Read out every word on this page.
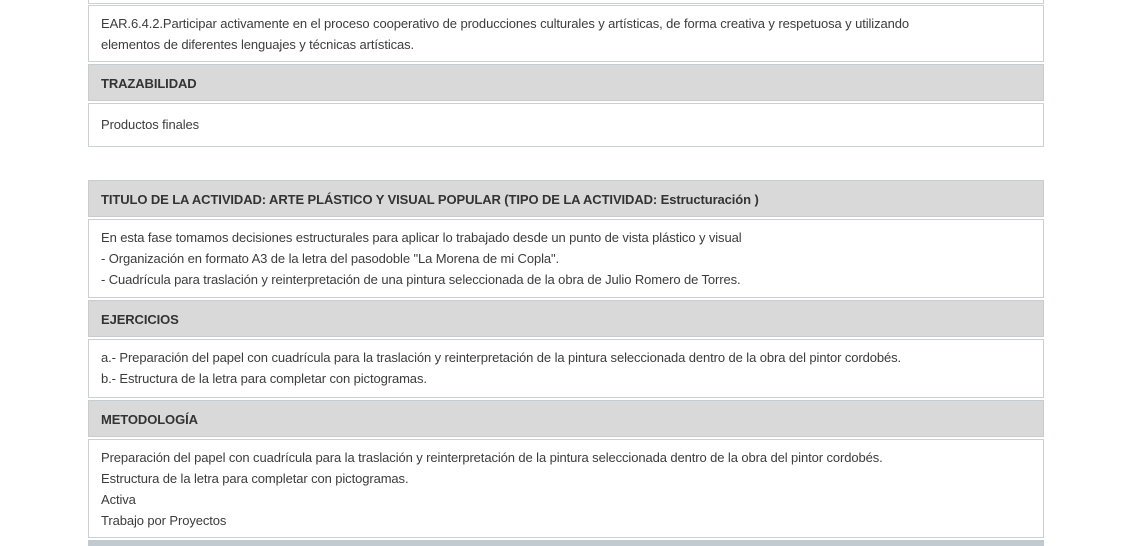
EAR.6.4.2.Participar activamente en el proceso cooperativo de producciones culturales y artísticas, de forma creativa y respetuosa y utilizando
elementos de diferentes lenguajes y técnicas artísticas.
TRAZABILIDAD
Productos finales
TITULO DE LA ACTIVIDAD: ARTE PLÁSTICO Y VISUAL POPULAR (TIPO DE LA ACTIVIDAD: Estructuración )
En esta fase tomamos decisiones estructurales para aplicar lo trabajado desde un punto de vista plástico y visual
- Organización en formato A3 de la letra del pasodoble "La Morena de mi Copla".
- Cuadrícula para traslación y reinterpretación de una pintura seleccionada de la obra de Julio Romero de Torres.
EJERCICIOS
a.- Preparación del papel con cuadrícula para la traslación y reinterpretación de la pintura seleccionada dentro de la obra del pintor cordobés.
b.- Estructura de la letra para completar con pictogramas.
METODOLOGÍA
Preparación del papel con cuadrícula para la traslación y reinterpretación de la pintura seleccionada dentro de la obra del pintor cordobés.
Estructura de la letra para completar con pictogramas.
Activa
Trabajo por Proyectos
